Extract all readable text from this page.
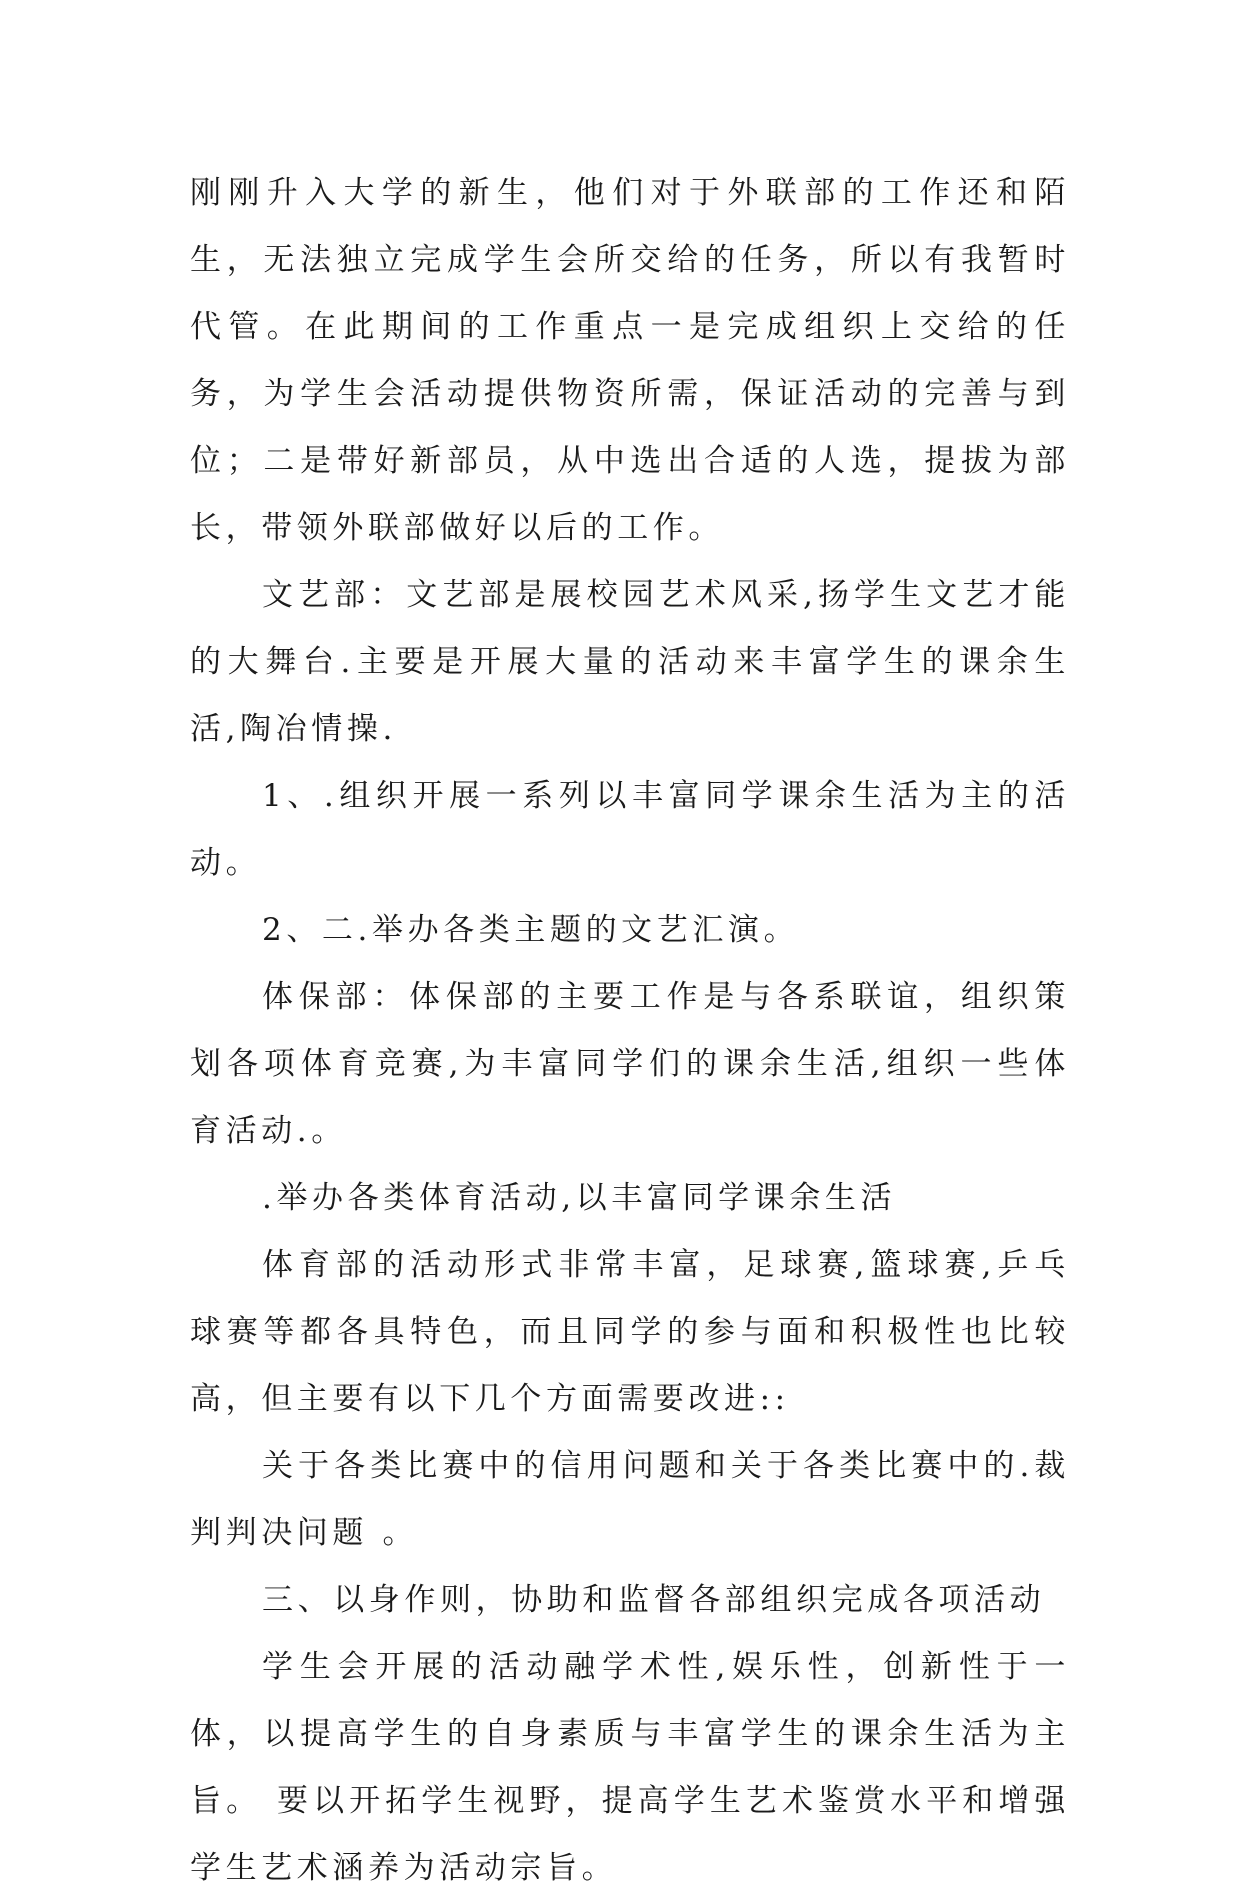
刚刚升入大学的新生，他们对于外联部的工作还和陌生，无法独立完成学生会所交给的任务，所以有我暂时代管。在此期间的工作重点一是完成组织上交给的任务，为学生会活动提供物资所需，保证活动的完善与到位；二是带好新部员，从中选出合适的人选，提拔为部长，带领外联部做好以后的工作。

文艺部：文艺部是展校园艺术风采,扬学生文艺才能的大舞台.主要是开展大量的活动来丰富学生的课余生活,陶冶情操.

1、.组织开展一系列以丰富同学课余生活为主的活动。

2、二.举办各类主题的文艺汇演。

体保部：体保部的主要工作是与各系联谊，组织策划各项体育竞赛,为丰富同学们的课余生活,组织一些体育活动.。

.举办各类体育活动,以丰富同学课余生活

体育部的活动形式非常丰富，足球赛,篮球赛,乒乓球赛等都各具特色，而且同学的参与面和积极性也比较高，但主要有以下几个方面需要改进::

关于各类比赛中的信用问题和关于各类比赛中的.裁判判决问题 。

三、以身作则，协助和监督各部组织完成各项活动

学生会开展的活动融学术性,娱乐性，创新性于一体，以提高学生的自身素质与丰富学生的课余生活为主旨。 要以开拓学生视野，提高学生艺术鉴赏水平和增强学生艺术涵养为活动宗旨。
